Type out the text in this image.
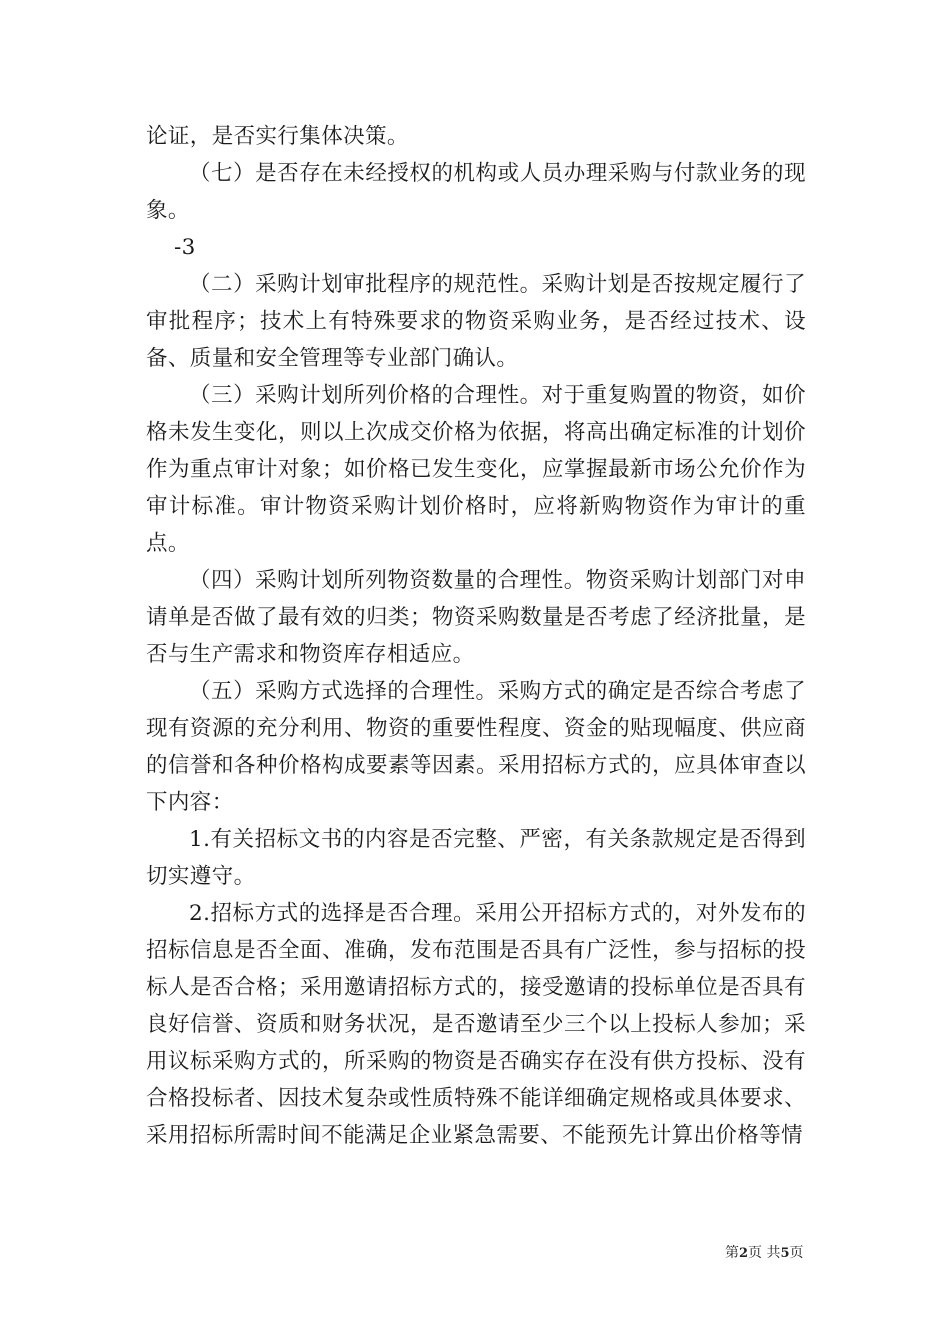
论证，是否实行集体决策。

（七）是否存在未经授权的机构或人员办理采购与付款业务的现象。

-3

（二）采购计划审批程序的规范性。采购计划是否按规定履行了审批程序；技术上有特殊要求的物资采购业务，是否经过技术、设备、质量和安全管理等专业部门确认。

（三）采购计划所列价格的合理性。对于重复购置的物资，如价格未发生变化，则以上次成交价格为依据，将高出确定标准的计划价作为重点审计对象；如价格已发生变化，应掌握最新市场公允价作为审计标准。审计物资采购计划价格时，应将新购物资作为审计的重点。

（四）采购计划所列物资数量的合理性。物资采购计划部门对申请单是否做了最有效的归类；物资采购数量是否考虑了经济批量，是否与生产需求和物资库存相适应。

（五）采购方式选择的合理性。采购方式的确定是否综合考虑了现有资源的充分利用、物资的重要性程度、资金的贴现幅度、供应商的信誉和各种价格构成要素等因素。采用招标方式的，应具体审查以下内容：

1.有关招标文书的内容是否完整、严密，有关条款规定是否得到切实遵守。

2.招标方式的选择是否合理。采用公开招标方式的，对外发布的招标信息是否全面、准确，发布范围是否具有广泛性，参与招标的投标人是否合格；采用邀请招标方式的，接受邀请的投标单位是否具有良好信誉、资质和财务状况，是否邀请至少三个以上投标人参加；采用议标采购方式的，所采购的物资是否确实存在没有供方投标、没有合格投标者、因技术复杂或性质特殊不能详细确定规格或具体要求、采用招标所需时间不能满足企业紧急需要、不能预先计算出价格等情

第2页 共5页
